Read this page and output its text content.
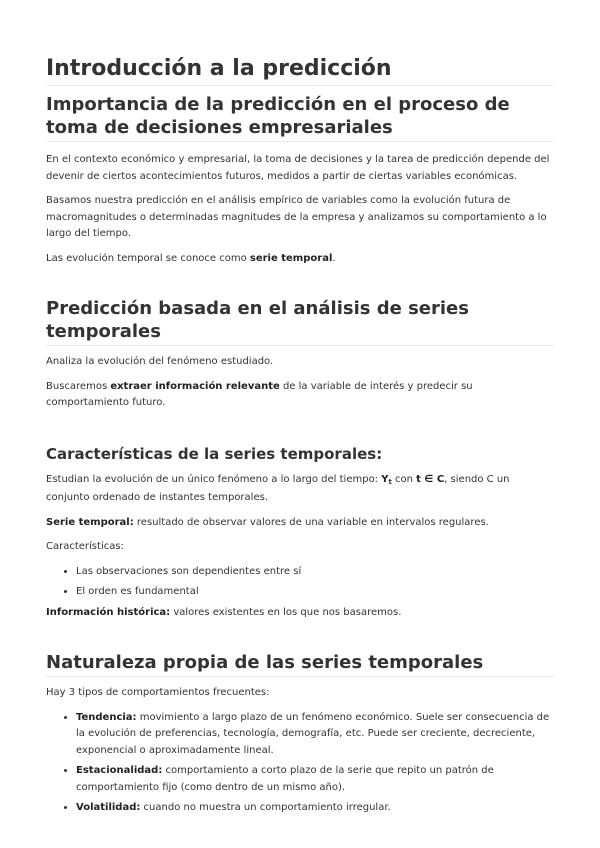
Introducción a la predicción
Importancia de la predicción en el proceso de toma de decisiones empresariales

En el contexto económico y empresarial, la toma de decisiones y la tarea de predicción depende del devenir de ciertos acontecimientos futuros, medidos a partir de ciertas variables económicas.

Basamos nuestra predicción en el análisis empírico de variables como la evolución futura de macromagnitudes o determinadas magnitudes de la empresa y analizamos su comportamiento a lo largo del tiempo.

Las evolución temporal se conoce como serie temporal.

Predicción basada en el análisis de series temporales

Analiza la evolución del fenómeno estudiado.

Buscaremos extraer información relevante de la variable de interés y predecir su comportamiento futuro.

Características de la series temporales:

Estudian la evolución de un único fenómeno a lo largo del tiempo: $Y_t$ con t ∈ C, siendo C un conjunto ordenado de instantes temporales.

Serie temporal: resultado de observar valores de una variable en intervalos regulares.

Características:

• Las observaciones son dependientes entre sí
• El orden es fundamental

Información histórica: valores existentes en los que nos basaremos.

Naturaleza propia de las series temporales

Hay 3 tipos de comportamientos frecuentes:

• Tendencia: movimiento a largo plazo de un fenómeno económico. Suele ser consecuencia de la evolución de preferencias, tecnología, demografía, etc. Puede ser creciente, decreciente, exponencial o aproximadamente lineal.
• Estacionalidad: comportamiento a corto plazo de la serie que repito un patrón de comportamiento fijo (como dentro de un mismo año).
• Volatilidad: cuando no muestra un comportamiento irregular.
